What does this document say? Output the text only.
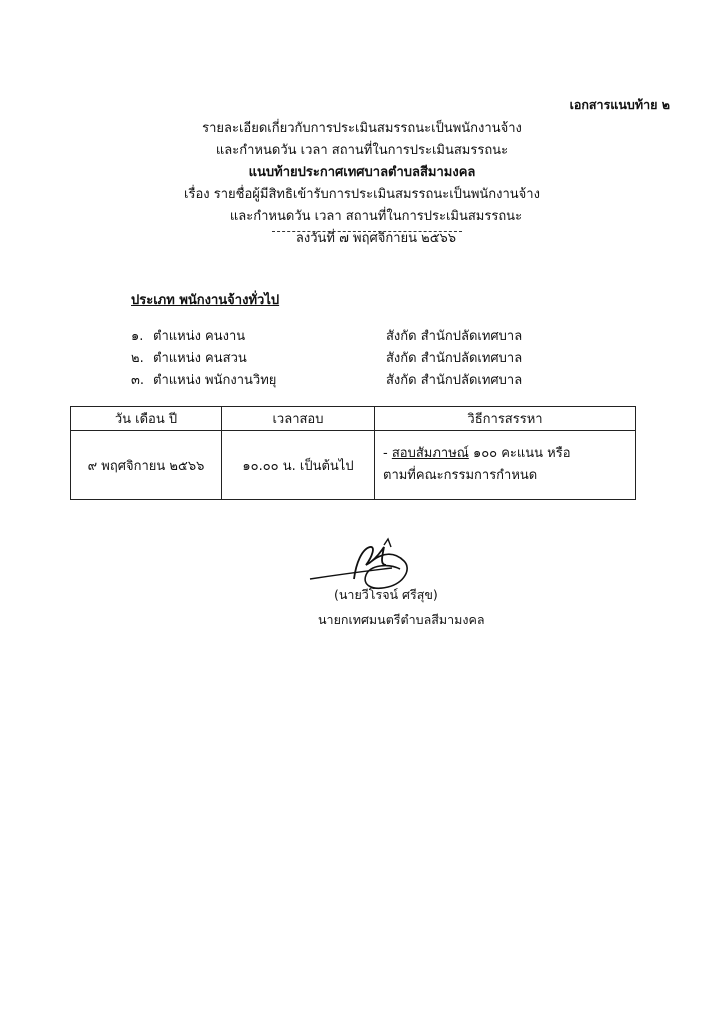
เอกสารแนบท้าย ๒
รายละเอียดเกี่ยวกับการประเมินสมรรถนะเป็นพนักงานจ้าง
และกำหนดวัน เวลา สถานที่ในการประเมินสมรรถนะ
แนบท้ายประกาศเทศบาลตำบลสีมามงคล
เรื่อง รายชื่อผู้มีสิทธิเข้ารับการประเมินสมรรถนะเป็นพนักงานจ้าง
และกำหนดวัน เวลา สถานที่ในการประเมินสมรรถนะ
ลงวันที่ ๗ พฤศจิกายน ๒๕๖๖
ประเภท พนักงานจ้างทั่วไป
๑. ตำแหน่ง คนงาน	สังกัด สำนักปลัดเทศบาล
๒. ตำแหน่ง คนสวน	สังกัด สำนักปลัดเทศบาล
๓. ตำแหน่ง พนักงานวิทยุ	สังกัด สำนักปลัดเทศบาล
วัน เดือน ปี	เวลาสอบ	วิธีการสรรหา
๙ พฤศจิกายน ๒๕๖๖	๑๐.๐๐ น. เป็นต้นไป	- สอบสัมภาษณ์ ๑๐๐ คะแนน หรือ
ตามที่คณะกรรมการกำหนด
(นายวีโรจน์ ศรีสุข)
นายกเทศมนตรีตำบลสีมามงคล
